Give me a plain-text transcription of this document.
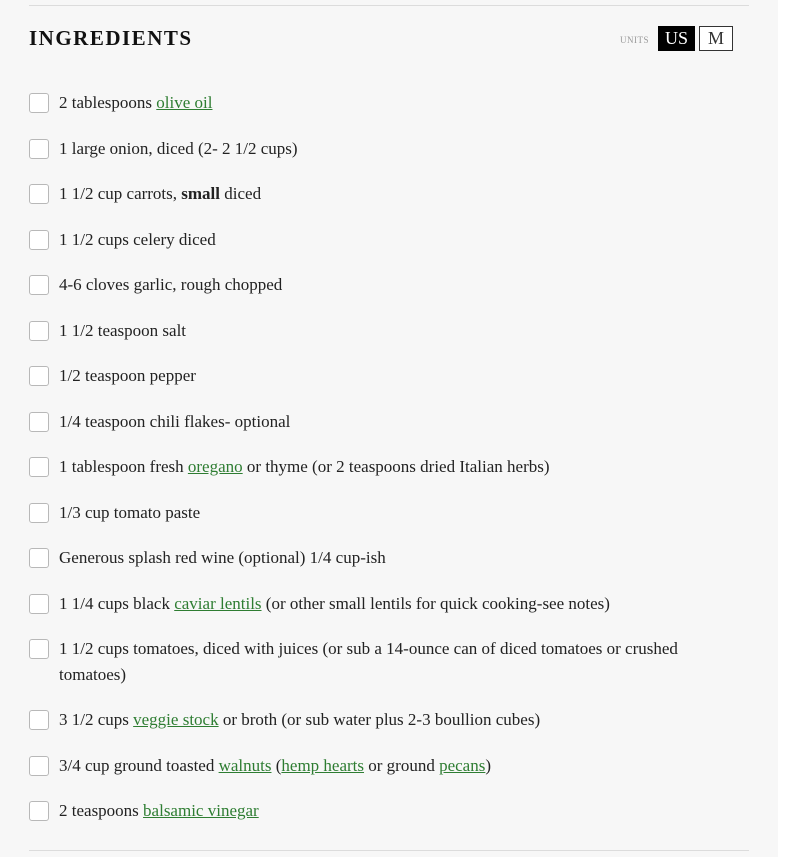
INGREDIENTS	UNITS US	M
2 tablespoons olive oil
1 large onion, diced (2- 2 1/2 cups)
1 1/2 cup carrots, small diced
1 1/2 cups celery diced
4-6 cloves garlic, rough chopped
1 1/2 teaspoon salt
1/2 teaspoon pepper
1/4 teaspoon chili flakes- optional
1 tablespoon fresh oregano or thyme (or 2 teaspoons dried Italian herbs)
1/3 cup tomato paste
Generous splash red wine (optional) 1/4 cup-ish
1 1/4 cups black caviar lentils (or other small lentils for quick cooking-see notes)
1 1/2 cups tomatoes, diced with juices (or sub a 14-ounce can of diced tomatoes or crushed tomatoes)
3 1/2 cups veggie stock or broth (or sub water plus 2-3 boullion cubes)
3/4 cup ground toasted walnuts (hemp hearts or ground pecans)
2 teaspoons balsamic vinegar
